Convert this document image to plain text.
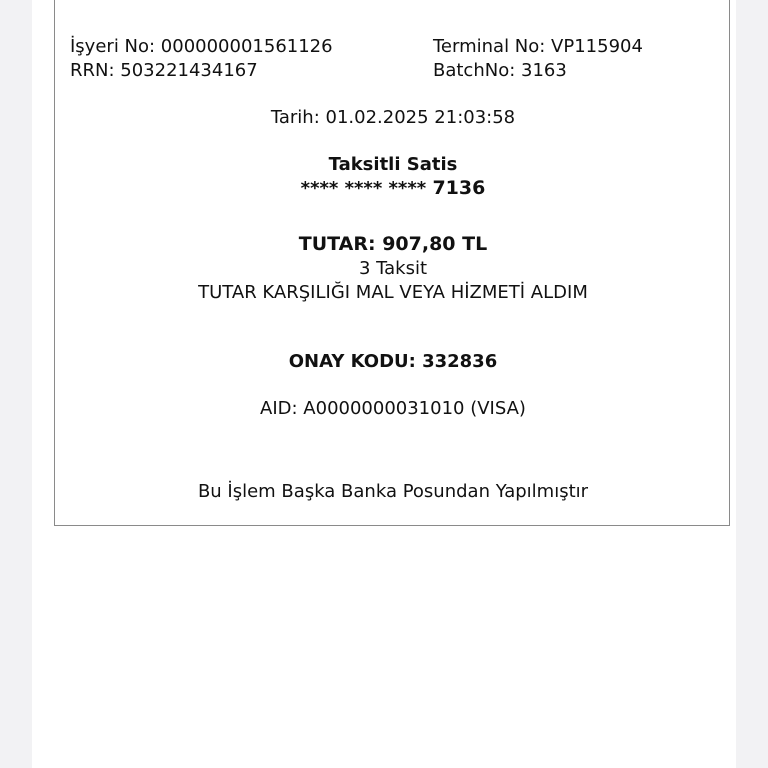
İşyeri No: 000000001561126	Terminal No: VP115904
RRN: 503221434167	BatchNo: 3163
Tarih: 01.02.2025 21:03:58
Taksitli Satis
**** **** **** 7136
TUTAR: 907,80 TL
3 Taksit
TUTAR KARŞILIĞI MAL VEYA HİZMETİ ALDIM
ONAY KODU: 332836
AID: A0000000031010 (VISA)
Bu İşlem Başka Banka Posundan Yapılmıştır
